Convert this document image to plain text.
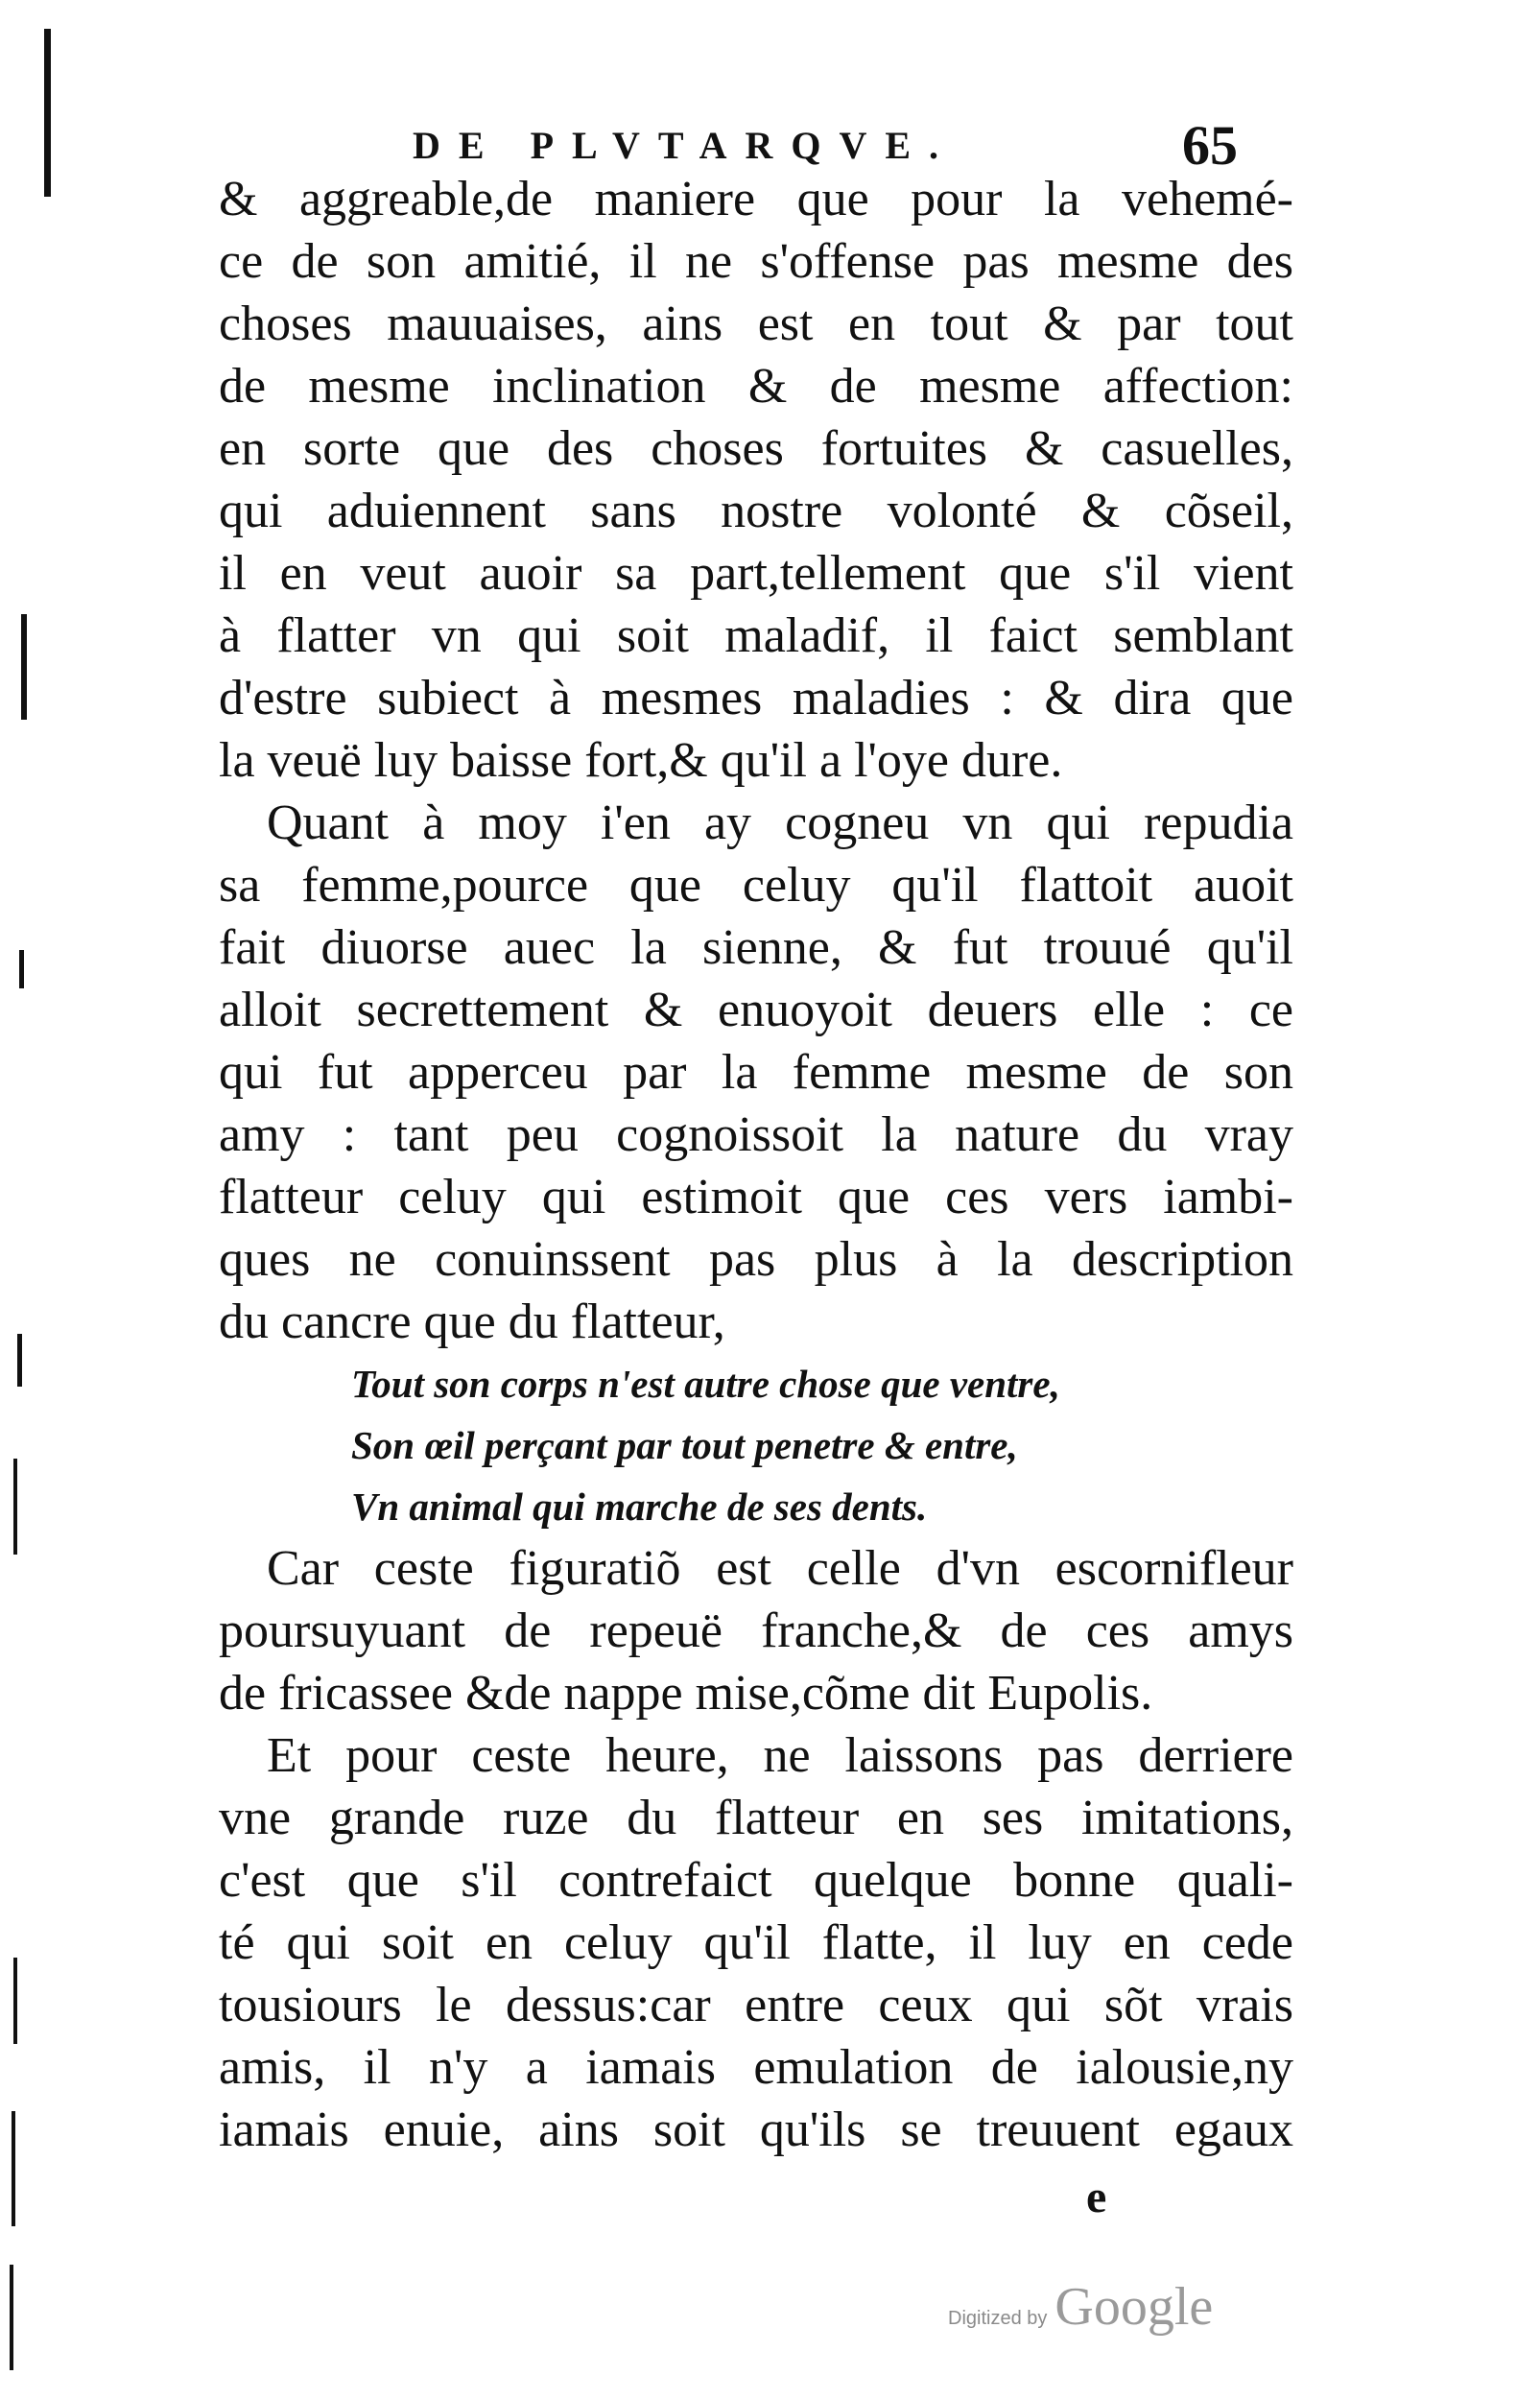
DE PLVTARQVE.	65
& aggreable,de maniere que pour la vehemé-
ce de son amitié, il ne s'offense pas mesme des
choses mauuaises, ains est en tout & par tout
de mesme inclination & de mesme affection:
en sorte que des choses fortuites & casuelles,
qui aduiennent sans nostre volonté & cõseil,
il en veut auoir sa part,tellement que s'il vient
à flatter vn qui soit maladif, il faict semblant
d'estre subiect à mesmes maladies : & dira que
la veuë luy baisse fort,& qu'il a l'oye dure.
Quant à moy i'en ay cogneu vn qui repudia
sa femme,pource que celuy qu'il flattoit auoit
fait diuorse auec la sienne, & fut trouué qu'il
alloit secrettement & enuoyoit deuers elle : ce
qui fut apperceu par la femme mesme de son
amy : tant peu cognoissoit la nature du vray
flatteur celuy qui estimoit que ces vers iambi-
ques ne conuinssent pas plus à la description
du cancre que du flatteur,
Tout son corps n'est autre chose que ventre,
Son œil perçant par tout penetre & entre,
Vn animal qui marche de ses dents.
Car ceste figuratiõ est celle d'vn escornifleur
poursuyuant de repeuë franche,& de ces amys
de fricassee &de nappe mise,cõme dit Eupolis.
Et pour ceste heure, ne laissons pas derriere
vne grande ruze du flatteur en ses imitations,
c'est que s'il contrefaict quelque bonne quali-
té qui soit en celuy qu'il flatte, il luy en cede
tousiours le dessus:car entre ceux qui sõt vrais
amis, il n'y a iamais emulation de ialousie,ny
iamais enuie, ains soit qu'ils se treuuent egaux
e
Digitized by Google
